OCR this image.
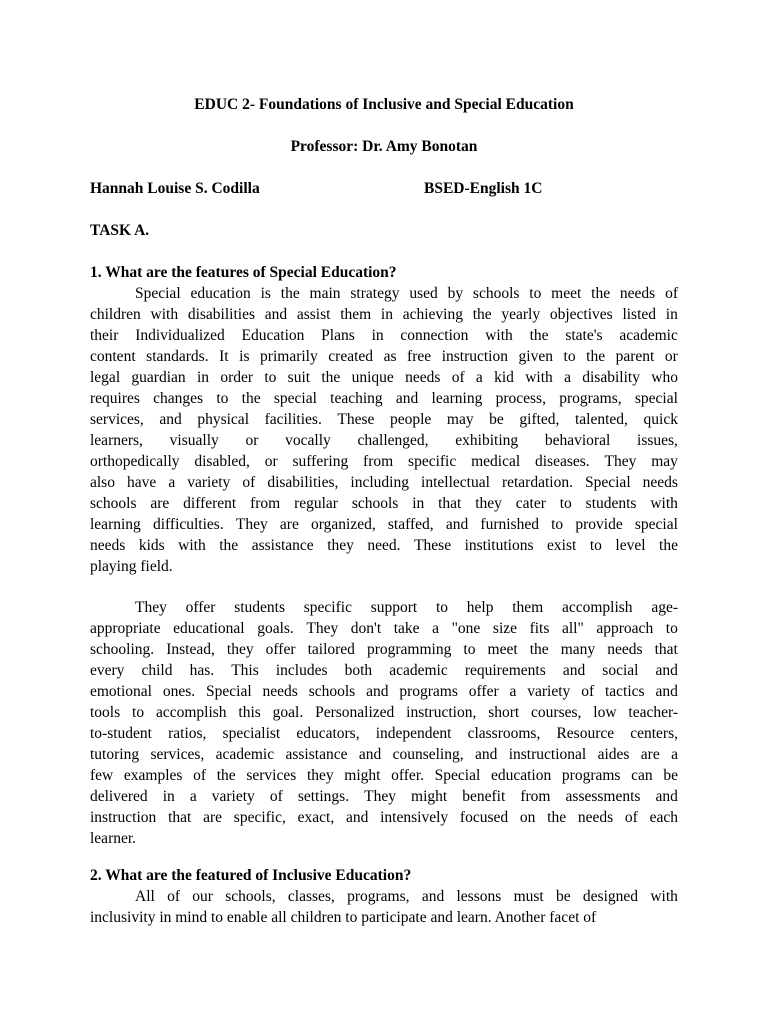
EDUC 2- Foundations of Inclusive and Special Education
Professor: Dr. Amy Bonotan
Hannah Louise S. Codilla	BSED-English 1C
TASK A.
1. What are the features of Special Education?
Special education is the main strategy used by schools to meet the needs of
children with disabilities and assist them in achieving the yearly objectives listed in
their Individualized Education Plans in connection with the state's academic
content standards. It is primarily created as free instruction given to the parent or
legal guardian in order to suit the unique needs of a kid with a disability who
requires changes to the special teaching and learning process, programs, special
services, and physical facilities. These people may be gifted, talented, quick
learners, visually or vocally challenged, exhibiting behavioral issues,
orthopedically disabled, or suffering from specific medical diseases. They may
also have a variety of disabilities, including intellectual retardation. Special needs
schools are different from regular schools in that they cater to students with
learning difficulties. They are organized, staffed, and furnished to provide special
needs kids with the assistance they need. These institutions exist to level the
playing field.
They offer students specific support to help them accomplish age-
appropriate educational goals. They don't take a "one size fits all" approach to
schooling. Instead, they offer tailored programming to meet the many needs that
every child has. This includes both academic requirements and social and
emotional ones. Special needs schools and programs offer a variety of tactics and
tools to accomplish this goal. Personalized instruction, short courses, low teacher-
to-student ratios, specialist educators, independent classrooms, Resource centers,
tutoring services, academic assistance and counseling, and instructional aides are a
few examples of the services they might offer. Special education programs can be
delivered in a variety of settings. They might benefit from assessments and
instruction that are specific, exact, and intensively focused on the needs of each
learner.
2. What are the featured of Inclusive Education?
All of our schools, classes, programs, and lessons must be designed with
inclusivity in mind to enable all children to participate and learn. Another facet of
